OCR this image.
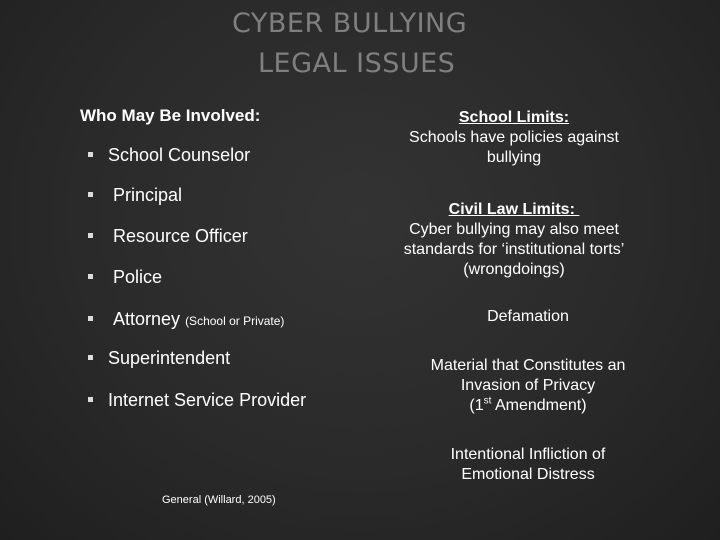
CYBER BULLYING
LEGAL ISSUES
Who May Be Involved:
School Counselor
Principal
Resource Officer
Police
Attorney (School or Private)
Superintendent
Internet Service Provider
School Limits:
Schools have policies against bullying
Civil Law Limits:
Cyber bullying may also meet standards for ‘institutional torts’ (wrongdoings)
Defamation
Material that Constitutes an
Invasion of Privacy
(1st Amendment)
Intentional Infliction of
Emotional Distress
General (Willard, 2005)
